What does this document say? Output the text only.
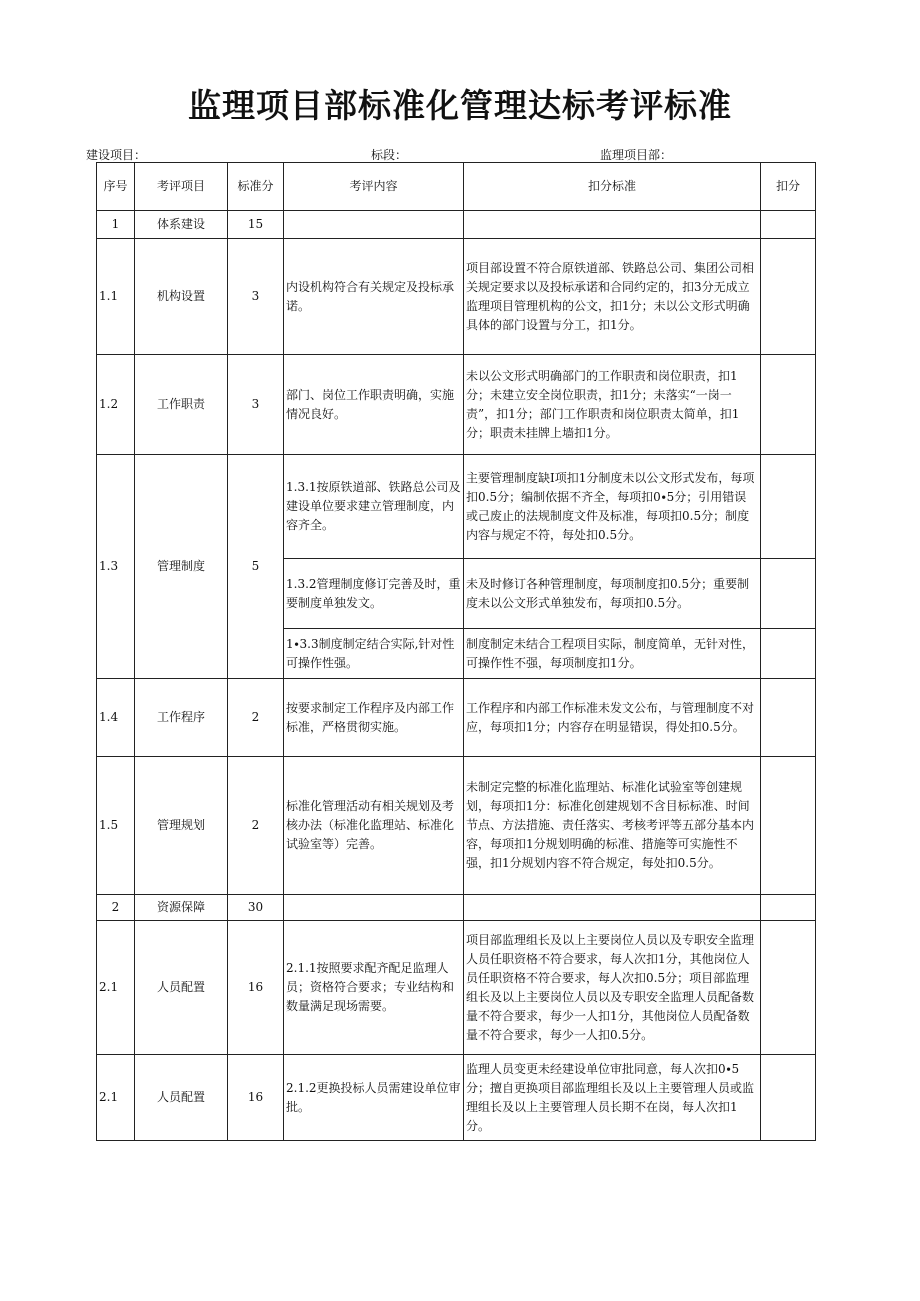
监理项目部标准化管理达标考评标准
建设项目：	标段：	监理项目部：
序号	考评项目	标准分	考评内容	扣分标准	扣分
1	体系建设	15			
1.1	机构设置	3	内设机构符合有关规定及投标承诺。	项目部设置不符合原铁道部、铁路总公司、集团公司相关规定要求以及投标承诺和合同约定的，扣3分无成立监理项目管理机构的公文，扣1分；未以公文形式明确具体的部门设置与分工，扣1分。	
1.2	工作职责	3	部门、岗位工作职责明确，实施情况良好。	未以公文形式明确部门的工作职责和岗位职责，扣1分；未建立安全岗位职责，扣1分；未落实“一岗一责”，扣1分；部门工作职责和岗位职责太简单，扣1分；职责未挂牌上墙扣1分。	
1.3	管理制度	5	1.3.1按原铁道部、铁路总公司及建设单位要求建立管理制度，内容齐全。	主要管理制度缺I项扣1分制度未以公文形式发布，每项扣0.5分；编制依据不齐全，每项扣0∙5分；引用错误或己废止的法规制度文件及标准，每项扣0.5分；制度内容与规定不符，每处扣0.5分。	
			1.3.2管理制度修订完善及时，重要制度单独发文。	未及时修订各种管理制度，每项制度扣0.5分；重要制度未以公文形式单独发布，每项扣0.5分。	
			1∙3.3制度制定结合实际,针对性可操作性强。	制度制定未结合工程项目实际，制度简单，无针对性，可操作性不强，每项制度扣1分。	
1.4	工作程序	2	按要求制定工作程序及内部工作标准，严格贯彻实施。	工作程序和内部工作标准未发文公布，与管理制度不对应，每项扣1分；内容存在明显错误，得处扣0.5分。	
1.5	管理规划	2	标准化管理活动有相关规划及考核办法（标准化监理站、标准化试验室等）完善。	未制定完整的标准化监理站、标准化试验室等创建规划，每项扣1分：标准化创建规划不含目标标准、时间节点、方法措施、责任落实、考核考评等五部分基本内容，每项扣1分规划明确的标准、措施等可实施性不强，扣1分规划内容不符合规定，每处扣0.5分。	
2	资源保障	30			
2.1	人员配置	16	2.1.1按照要求配齐配足监理人员；资格符合要求；专业结构和数量满足现场需要。	项目部监理组长及以上主要岗位人员以及专职安全监理人员任职资格不符合要求，每人次扣1分，其他岗位人员任职资格不符合要求，每人次扣0.5分；项目部监理组长及以上主要岗位人员以及专职安全监理人员配备数量不符合要求，每少一人扣1分，其他岗位人员配备数量不符合要求，每少一人扣0.5分。	
2.1	人员配置	16	2.1.2更换投标人员需建设单位审批。	监理人员变更未经建设单位审批同意，每人次扣0∙5分；擅自更换项目部监理组长及以上主要管理人员或监理组长及以上主要管理人员长期不在岗，每人次扣1分。	
